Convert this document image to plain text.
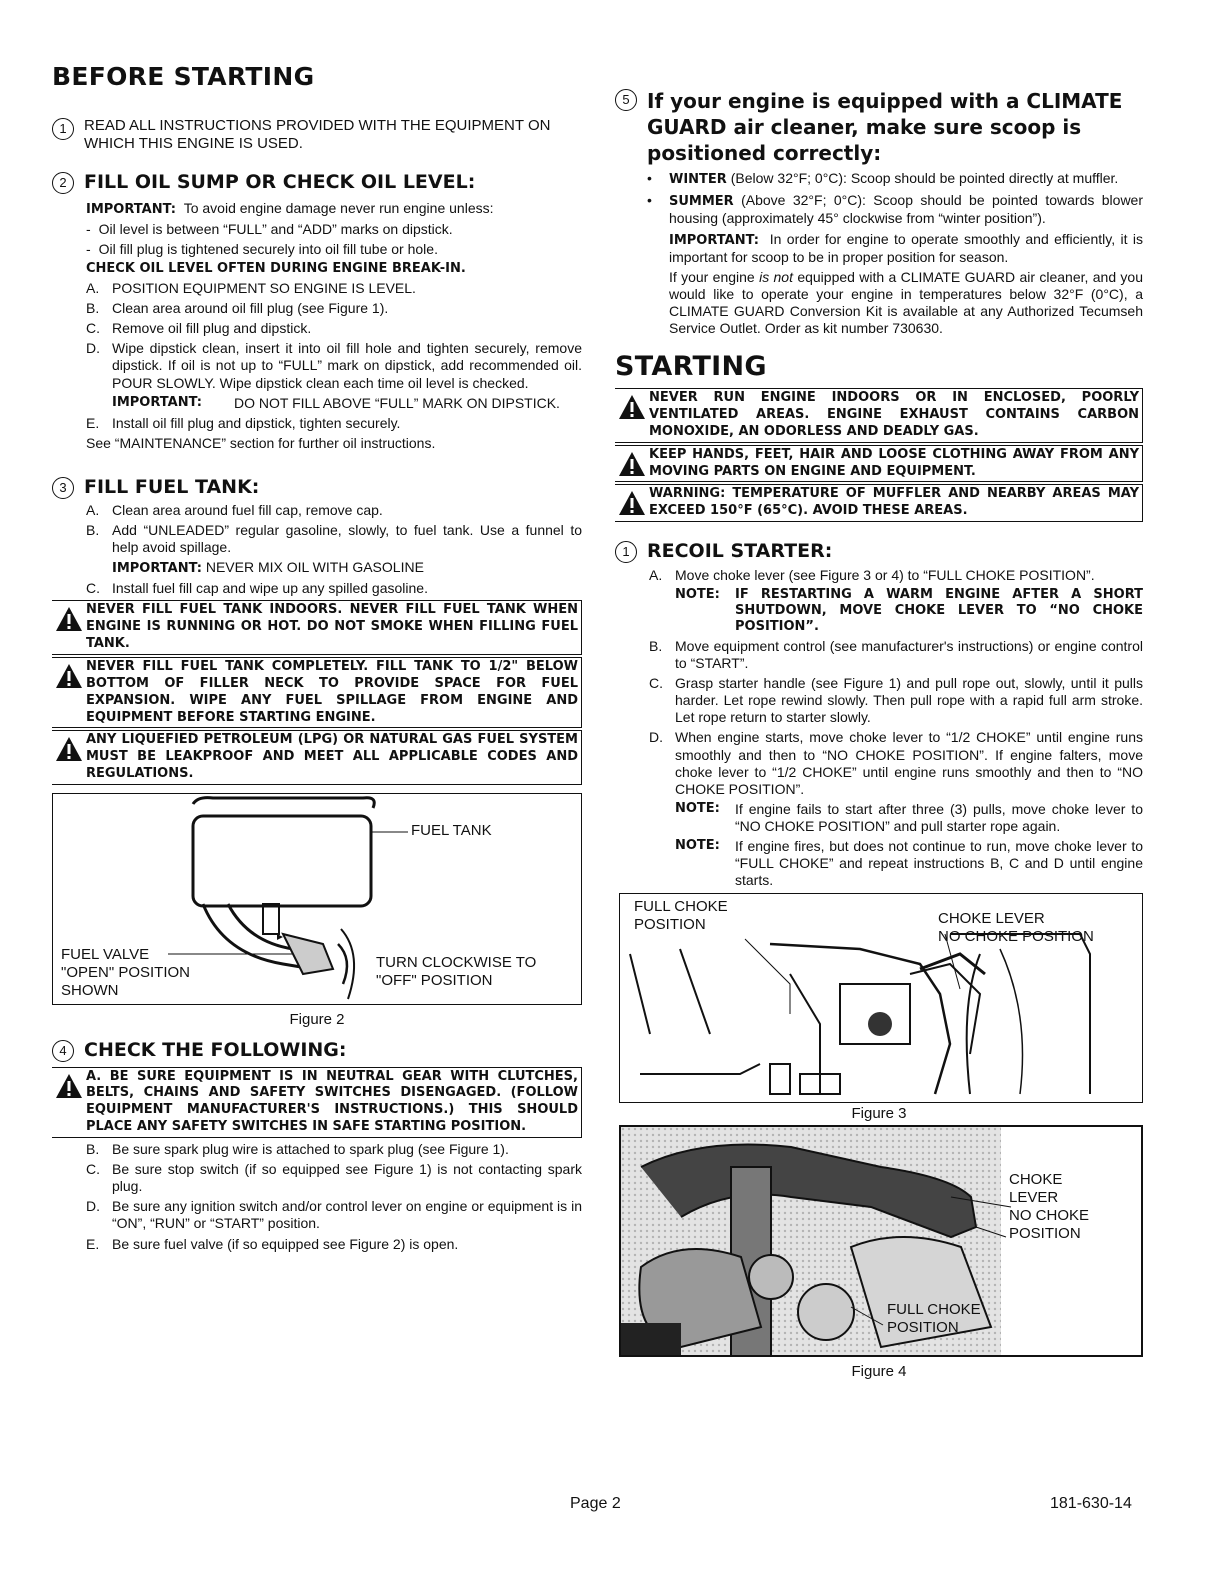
BEFORE STARTING
1	READ ALL INSTRUCTIONS PROVIDED WITH THE EQUIPMENT ON WHICH THIS ENGINE IS USED.
2 FILL OIL SUMP OR CHECK OIL LEVEL:

IMPORTANT: To avoid engine damage never run engine unless:

- Oil level is between “FULL” and “ADD” marks on dipstick.
- Oil fill plug is tightened securely into oil fill tube or hole.

CHECK OIL LEVEL OFTEN DURING ENGINE BREAK-IN.

A. POSITION EQUIPMENT SO ENGINE IS LEVEL.
B. Clean area around oil fill plug (see Figure 1).
C. Remove oil fill plug and dipstick.
D. Wipe dipstick clean, insert it into oil fill hole and tighten securely, remove dipstick. If oil is not up to “FULL” mark on dipstick, add recommended oil. POUR SLOWLY. Wipe dipstick clean each time oil level is checked.
IMPORTANT:	DO NOT FILL ABOVE “FULL” MARK ON DIPSTICK.
E. Install oil fill plug and dipstick, tighten securely.

See “MAINTENANCE” section for further oil instructions.

3 FILL FUEL TANK:
A. Clean area around fuel fill cap, remove cap.
B. Add “UNLEADED” regular gasoline, slowly, to fuel tank. Use a funnel to help avoid spillage.

IMPORTANT: NEVER MIX OIL WITH GASOLINE

C. Install fuel fill cap and wipe up any spilled gasoline.
NEVER FILL FUEL TANK INDOORS. NEVER FILL FUEL TANK WHEN ENGINE IS RUNNING OR HOT. DO NOT SMOKE WHEN FILLING FUEL TANK.
NEVER FILL FUEL TANK COMPLETELY. FILL TANK TO 1/2" BELOW BOTTOM OF FILLER NECK TO PROVIDE SPACE FOR FUEL EXPANSION. WIPE ANY FUEL SPILLAGE FROM ENGINE AND EQUIPMENT BEFORE STARTING ENGINE.
ANY LIQUEFIED PETROLEUM (LPG) OR NATURAL GAS FUEL SYSTEM MUST BE LEAKPROOF AND MEET ALL APPLICABLE CODES AND REGULATIONS.
FUEL TANK
FUEL VALVE
"OPEN" POSITION
SHOWN
TURN CLOCKWISE TO
"OFF" POSITION
Figure 2
4 CHECK THE FOLLOWING:
A. BE SURE EQUIPMENT IS IN NEUTRAL GEAR WITH CLUTCHES, BELTS, CHAINS AND SAFETY SWITCHES DISENGAGED. (FOLLOW EQUIPMENT MANUFACTURER'S INSTRUCTIONS.) THIS SHOULD PLACE ANY SAFETY SWITCHES IN SAFE STARTING POSITION.
B. Be sure spark plug wire is attached to spark plug (see Figure 1).
C. Be sure stop switch (if so equipped see Figure 1) is not contacting spark plug.
D. Be sure any ignition switch and/or control lever on engine or equipment is in “ON”, “RUN” or “START” position.
E. Be sure fuel valve (if so equipped see Figure 2) is open.
5 If your engine is equipped with a CLIMATE GUARD air cleaner, make sure scoop is positioned correctly:
•	WINTER (Below 32°F; 0°C): Scoop should be pointed directly at muffler.
•	SUMMER (Above 32°F; 0°C): Scoop should be pointed towards blower housing (approximately 45° clockwise from “winter position”).

IMPORTANT: In order for engine to operate smoothly and efficiently, it is important for scoop to be in proper position for season.

If your engine is not equipped with a CLIMATE GUARD air cleaner, and you would like to operate your engine in temperatures below 32°F (0°C), a CLIMATE GUARD Conversion Kit is available at any Authorized Tecumseh Service Outlet. Order as kit number 730630.

STARTING
NEVER RUN ENGINE INDOORS OR IN ENCLOSED, POORLY VENTILATED AREAS. ENGINE EXHAUST CONTAINS CARBON MONOXIDE, AN ODORLESS AND DEADLY GAS.
KEEP HANDS, FEET, HAIR AND LOOSE CLOTHING AWAY FROM ANY MOVING PARTS ON ENGINE AND EQUIPMENT.
WARNING: TEMPERATURE OF MUFFLER AND NEARBY AREAS MAY EXCEED 150°F (65°C). AVOID THESE AREAS.
1 RECOIL STARTER:
A. Move choke lever (see Figure 3 or 4) to “FULL CHOKE POSITION”.
NOTE:	IF RESTARTING A WARM ENGINE AFTER A SHORT SHUTDOWN, MOVE CHOKE LEVER TO “NO CHOKE POSITION”.
B. Move equipment control (see manufacturer's instructions) or engine control to “START”.
C. Grasp starter handle (see Figure 1) and pull rope out, slowly, until it pulls harder. Let rope rewind slowly. Then pull rope with a rapid full arm stroke. Let rope return to starter slowly.
D. When engine starts, move choke lever to “1/2 CHOKE” until engine runs smoothly and then to “NO CHOKE POSITION”. If engine falters, move choke lever to “1/2 CHOKE” until engine runs smoothly and then to “NO CHOKE POSITION”.
NOTE:	If engine fails to start after three (3) pulls, move choke lever to “NO CHOKE POSITION” and pull starter rope again.
NOTE:	If engine fires, but does not continue to run, move choke lever to “FULL CHOKE” and repeat instructions B, C and D until engine starts.
FULL CHOKE
POSITION	CHOKE LEVER
NO CHOKE POSITION
Figure 3
CHOKE
LEVER
NO CHOKE
POSITION
FULL CHOKE
POSITION
Figure 4
Page 2	181-630-14
